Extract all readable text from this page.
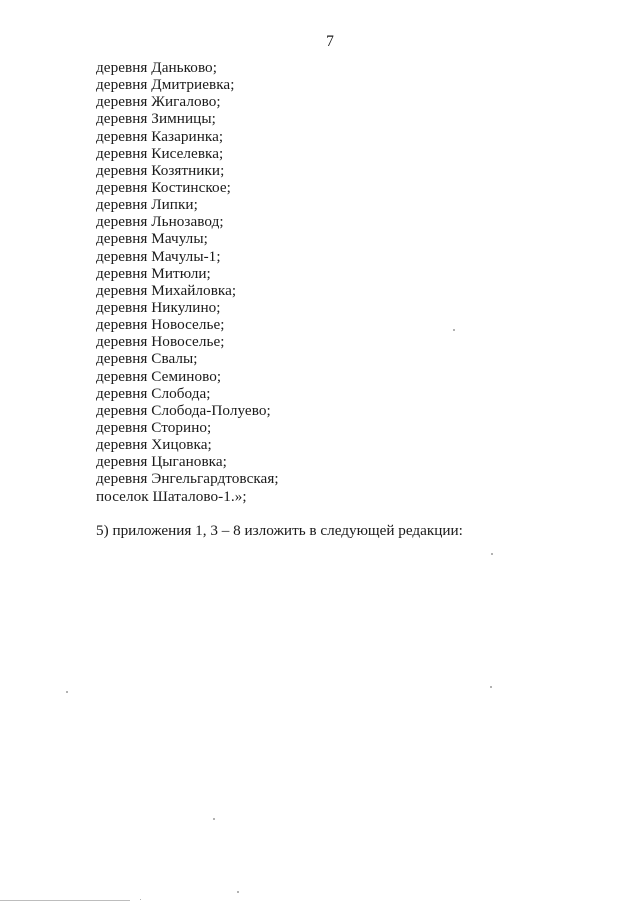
7
деревня Даньково;
деревня Дмитриевка;
деревня Жигалово;
деревня Зимницы;
деревня Казаринка;
деревня Киселевка;
деревня Козятники;
деревня Костинское;
деревня Липки;
деревня Льнозавод;
деревня Мачулы;
деревня Мачулы-1;
деревня Митюли;
деревня Михайловка;
деревня Никулино;
деревня Новоселье;
деревня Новоселье;
деревня Свалы;
деревня Семиново;
деревня Слобода;
деревня Слобода-Полуево;
деревня Сторино;
деревня Хицовка;
деревня Цыгановка;
деревня Энгельгардтовская;
поселок Шаталово-1.»;
5) приложения 1, 3 – 8 изложить в следующей редакции:
